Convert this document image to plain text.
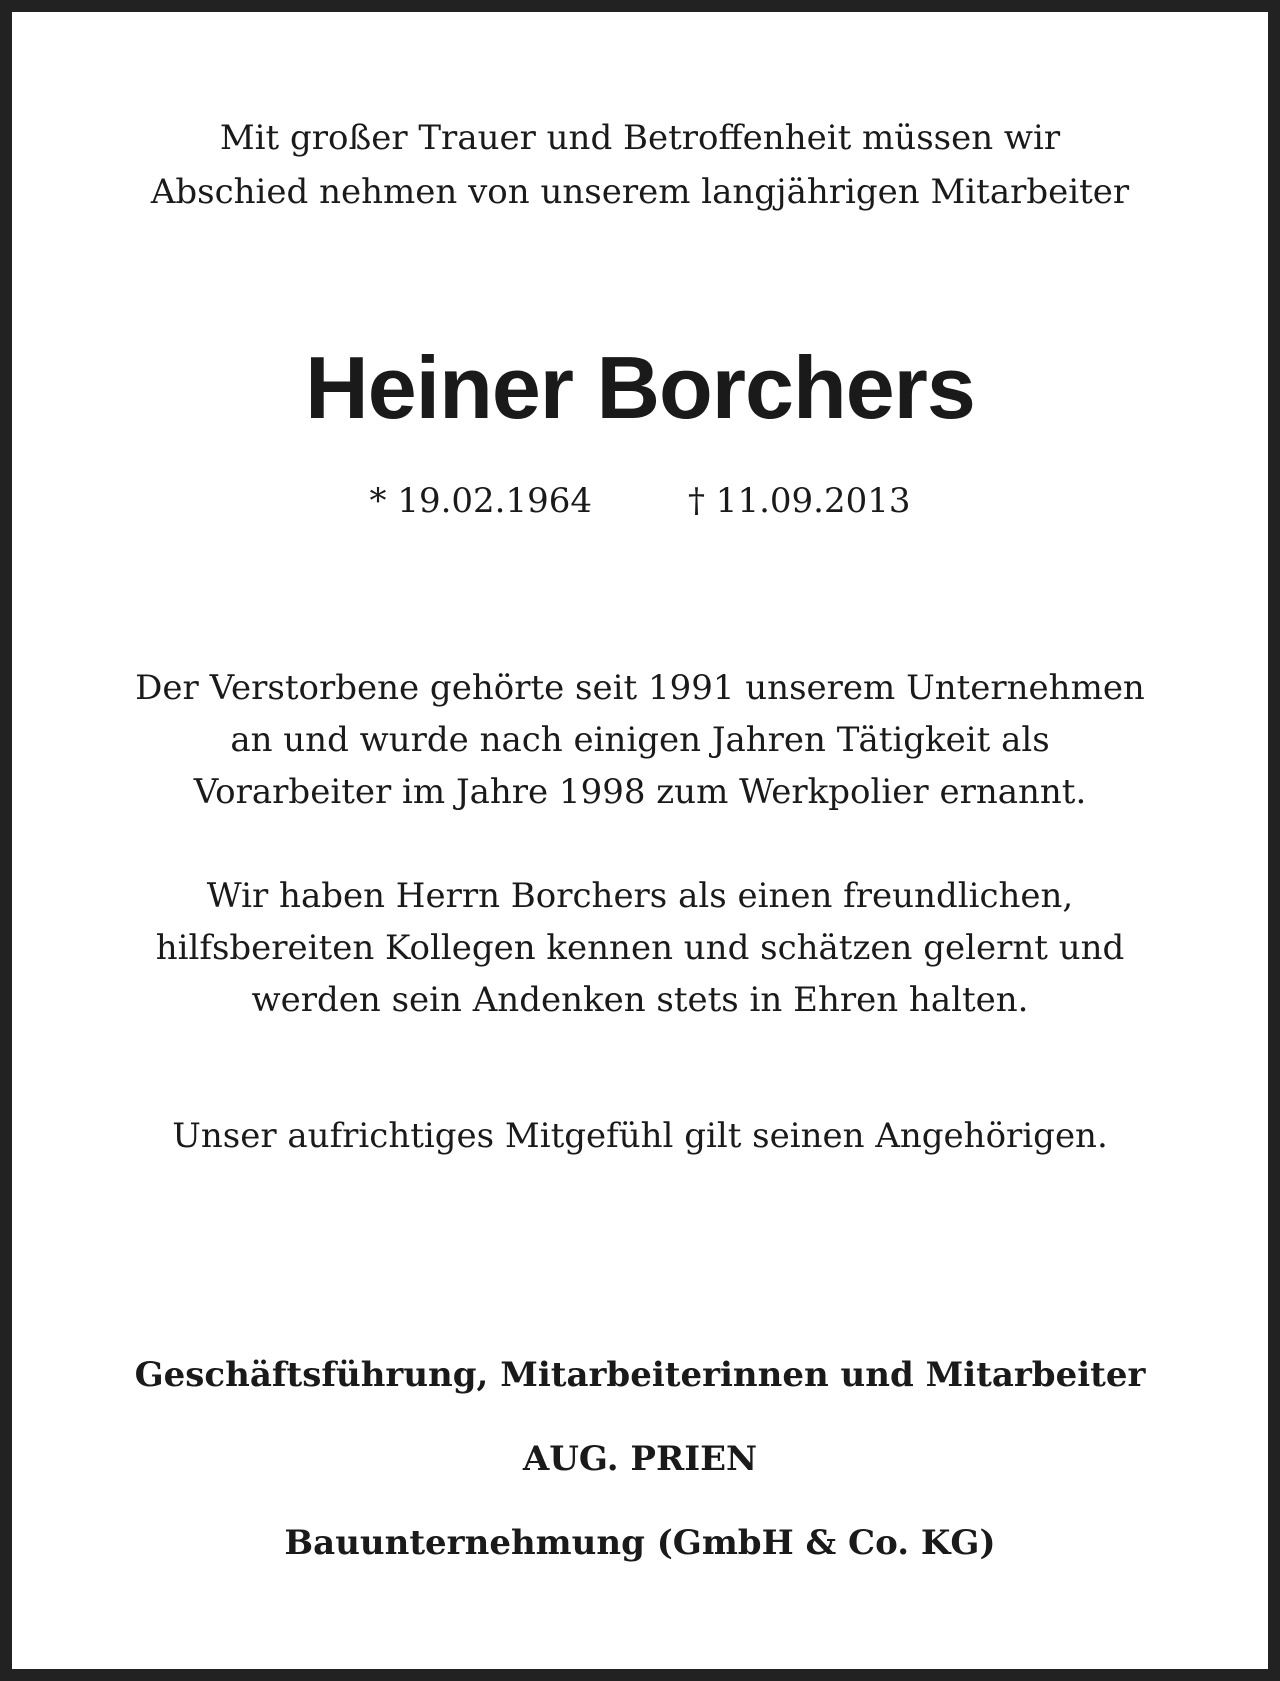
Mit großer Trauer und Betroffenheit müssen wir
Abschied nehmen von unserem langjährigen Mitarbeiter
Heiner Borchers
* 19.02.1964	† 11.09.2013
Der Verstorbene gehörte seit 1991 unserem Unternehmen
an und wurde nach einigen Jahren Tätigkeit als
Vorarbeiter im Jahre 1998 zum Werkpolier ernannt.
Wir haben Herrn Borchers als einen freundlichen,
hilfsbereiten Kollegen kennen und schätzen gelernt und
werden sein Andenken stets in Ehren halten.
Unser aufrichtiges Mitgefühl gilt seinen Angehörigen.
Geschäftsführung, Mitarbeiterinnen und Mitarbeiter
AUG. PRIEN
Bauunternehmung (GmbH & Co. KG)
